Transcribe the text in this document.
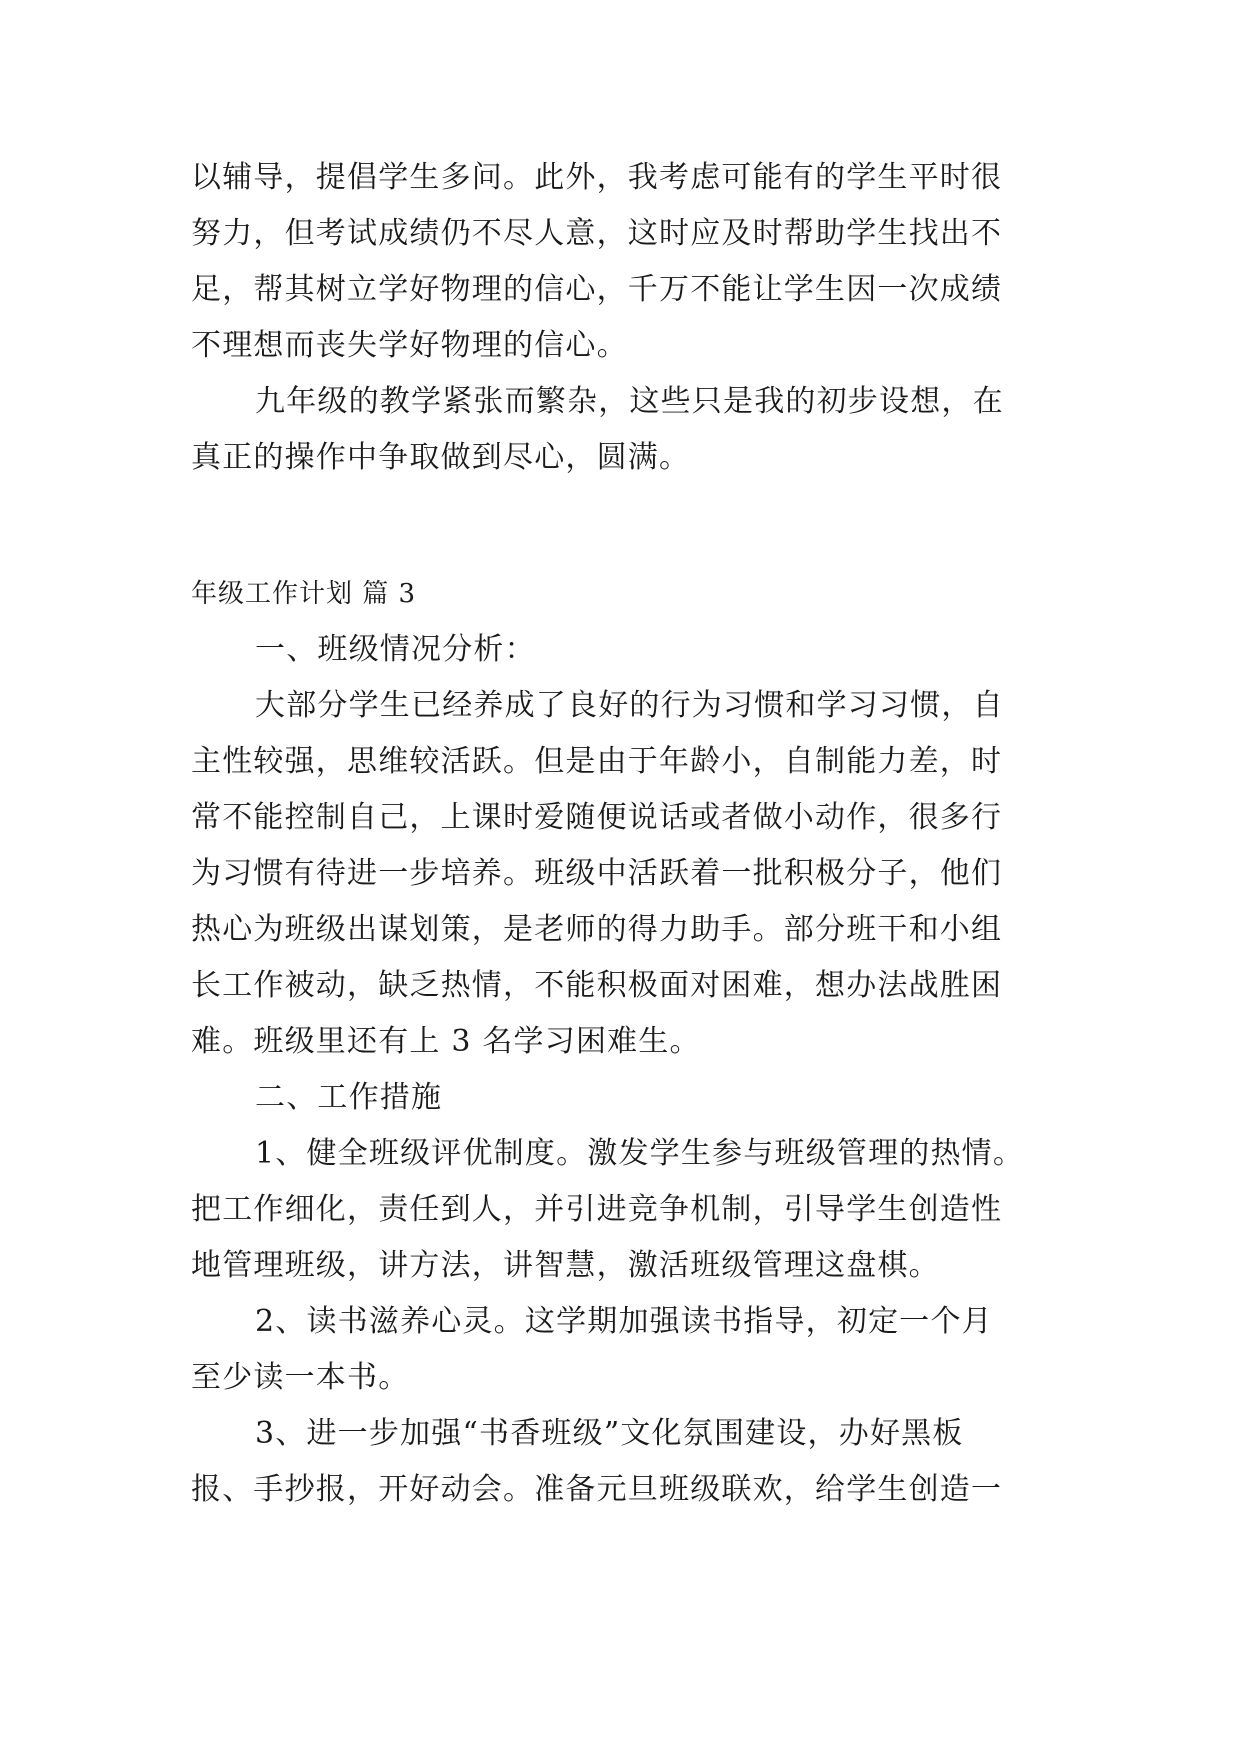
以辅导，提倡学生多问。此外，我考虑可能有的学生平时很
努力，但考试成绩仍不尽人意，这时应及时帮助学生找出不
足，帮其树立学好物理的信心，千万不能让学生因一次成绩
不理想而丧失学好物理的信心。
九年级的教学紧张而繁杂，这些只是我的初步设想，在
真正的操作中争取做到尽心，圆满。
年级工作计划 篇 3
一、班级情况分析：
大部分学生已经养成了良好的行为习惯和学习习惯，自
主性较强，思维较活跃。但是由于年龄小，自制能力差，时
常不能控制自己，上课时爱随便说话或者做小动作，很多行
为习惯有待进一步培养。班级中活跃着一批积极分子，他们
热心为班级出谋划策，是老师的得力助手。部分班干和小组
长工作被动，缺乏热情，不能积极面对困难，想办法战胜困
难。班级里还有上 3 名学习困难生。
二、工作措施
1、健全班级评优制度。激发学生参与班级管理的热情。
把工作细化，责任到人，并引进竞争机制，引导学生创造性
地管理班级，讲方法，讲智慧，激活班级管理这盘棋。
2、读书滋养心灵。这学期加强读书指导，初定一个月
至少读一本书。
3、进一步加强“书香班级”文化氛围建设，办好黑板
报、手抄报，开好动会。准备元旦班级联欢，给学生创造一
